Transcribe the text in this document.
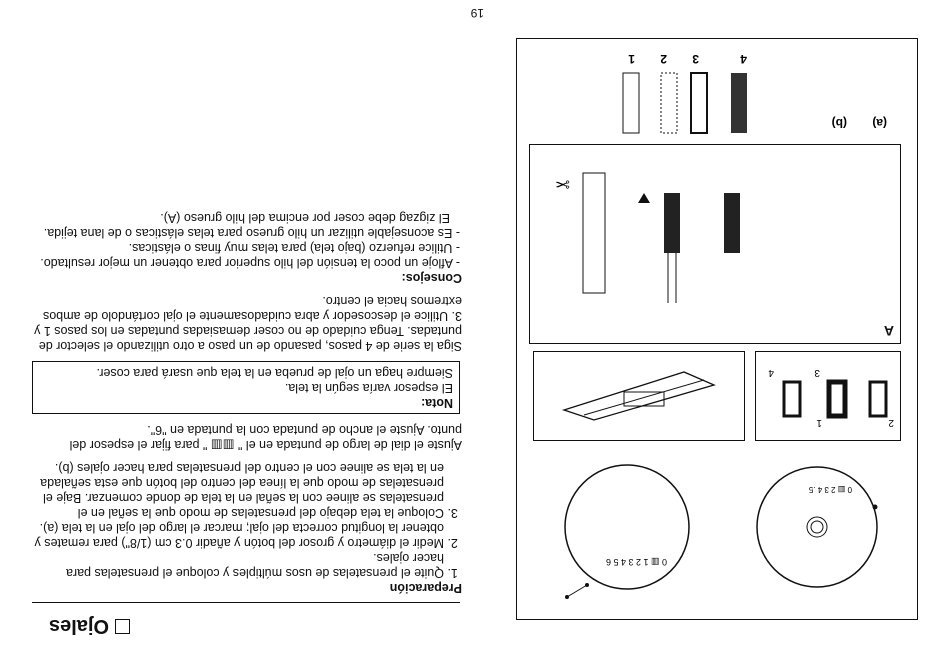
Ojales

Preparación

1. Quite el prensatelas de usos múltiples y coloque el prensatelas para hacer ojales.
2. Medir el diámetro y grosor del botón y añadir 0.3 cm (1/8") para remates y obtener la longitud correcta del ojal; marcar el largo del ojal en la tela (a).
3. Coloque la tela debajo del prensatelas de modo que la señal en el prensatelas se alinee con la señal en la tela de donde comenzar. Baje el prensatelas de modo que la línea del centro del botón que esta señalada en la tela se alinee con el centro del prensatelas para hacer ojales (b).

Ajuste el dial de largo de puntada en el " ▥▥ " para fijar el espesor del punto. Ajuste el ancho de puntada con la puntada en "6".

Nota:

El espesor varía según la tela.

Siempre haga un ojal de prueba en la tela que usará para coser.

Siga la serie de 4 pasos, pasando de un paso a otro utilizando el selector de puntadas. Tenga cuidado de no coser demasiadas puntadas en los pasos 1 y 3. Utilice el descosedor y abra cuidadosamente el ojal cortándolo de ambos extremos hacia el centro.

Consejos:

- Afloje un poco la tensión del hilo superior para obtener un mejor resultado.
- Utilice refuerzo (bajo tela) para telas muy finas o elásticas.
- Es aconsejable utilizar un hilo grueso para telas elásticas o de lana tejida. El zigzag debe coser por encima del hilo grueso (A).
0 ▥ 2 3 4 .5
0 ▥ 1 2 3 4 5 6
2
3
4
1
A
✂
4
3
2
1
(a)
(b)
19
